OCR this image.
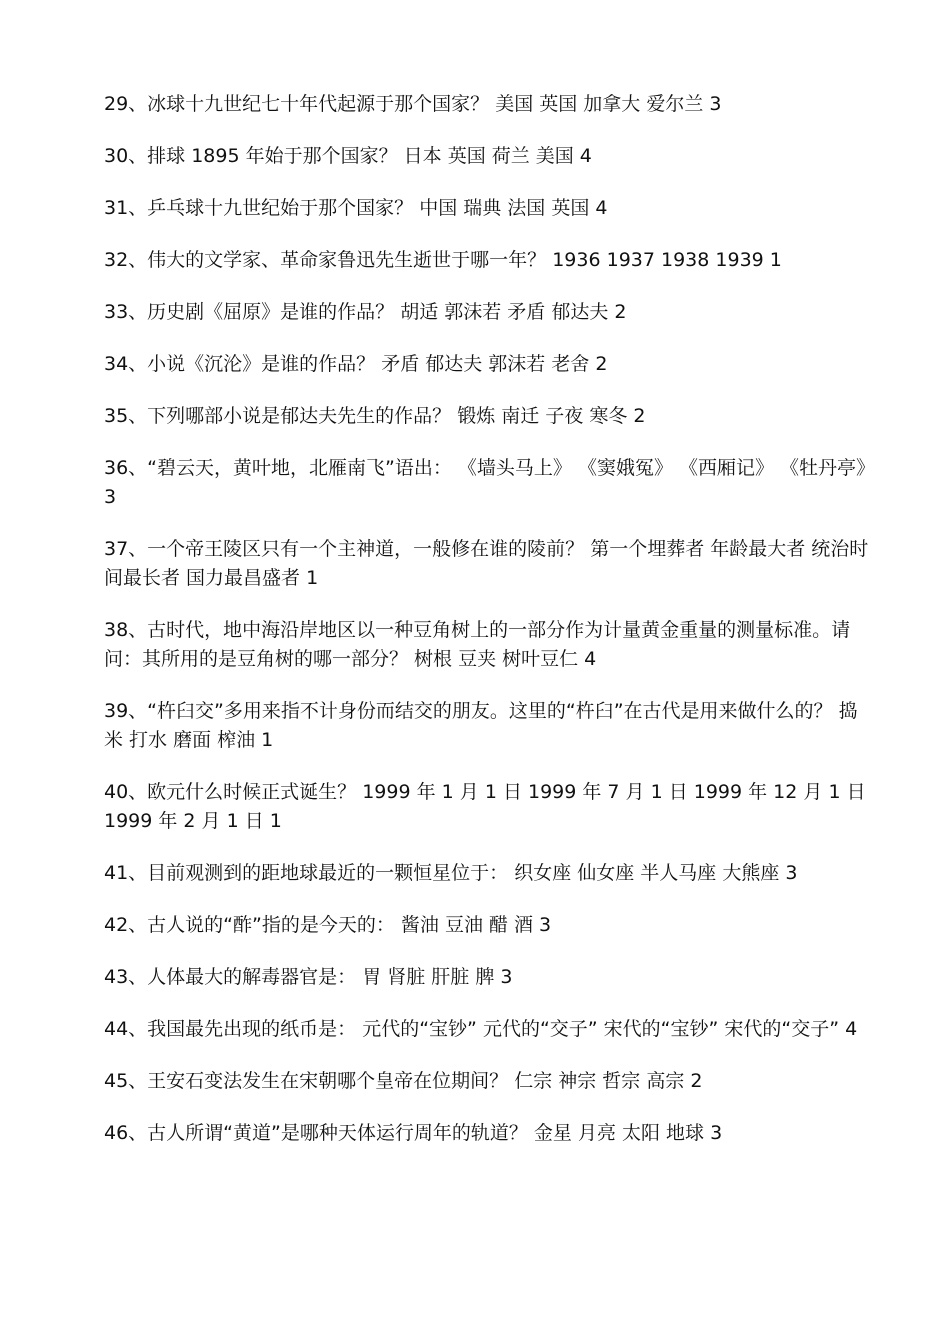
29、冰球十九世纪七十年代起源于那个国家？ 美国 英国 加拿大 爱尔兰 3
30、排球 1895 年始于那个国家？ 日本 英国 荷兰 美国 4
31、乒乓球十九世纪始于那个国家？ 中国 瑞典 法国 英国 4
32、伟大的文学家、革命家鲁迅先生逝世于哪一年？ 1936 1937 1938 1939 1
33、历史剧《屈原》是谁的作品？ 胡适 郭沫若 矛盾 郁达夫 2
34、小说《沉沦》是谁的作品？ 矛盾 郁达夫 郭沫若 老舍 2
35、下列哪部小说是郁达夫先生的作品？ 锻炼 南迁 子夜 寒冬 2
36、“碧云天，黄叶地，北雁南飞”语出： 《墙头马上》 《窦娥冤》 《西厢记》 《牡丹亭》 3
37、一个帝王陵区只有一个主神道，一般修在谁的陵前？ 第一个埋葬者 年龄最大者 统治时间最长者 国力最昌盛者 1
38、古时代，地中海沿岸地区以一种豆角树上的一部分作为计量黄金重量的测量标准。请问：其所用的是豆角树的哪一部分？ 树根 豆夹 树叶豆仁 4
39、“杵臼交”多用来指不计身份而结交的朋友。这里的“杵臼”在古代是用来做什么的？ 捣米 打水 磨面 榨油 1
40、欧元什么时候正式诞生？ 1999 年 1 月 1 日 1999 年 7 月 1 日 1999 年 12 月 1 日 1999 年 2 月 1 日 1
41、目前观测到的距地球最近的一颗恒星位于： 织女座 仙女座 半人马座 大熊座 3
42、古人说的“酢”指的是今天的： 酱油 豆油 醋 酒 3
43、人体最大的解毒器官是： 胃 肾脏 肝脏 脾 3
44、我国最先出现的纸币是： 元代的“宝钞” 元代的“交子” 宋代的“宝钞” 宋代的“交子” 4
45、王安石变法发生在宋朝哪个皇帝在位期间？ 仁宗 神宗 哲宗 高宗 2
46、古人所谓“黄道”是哪种天体运行周年的轨道？ 金星 月亮 太阳 地球 3
